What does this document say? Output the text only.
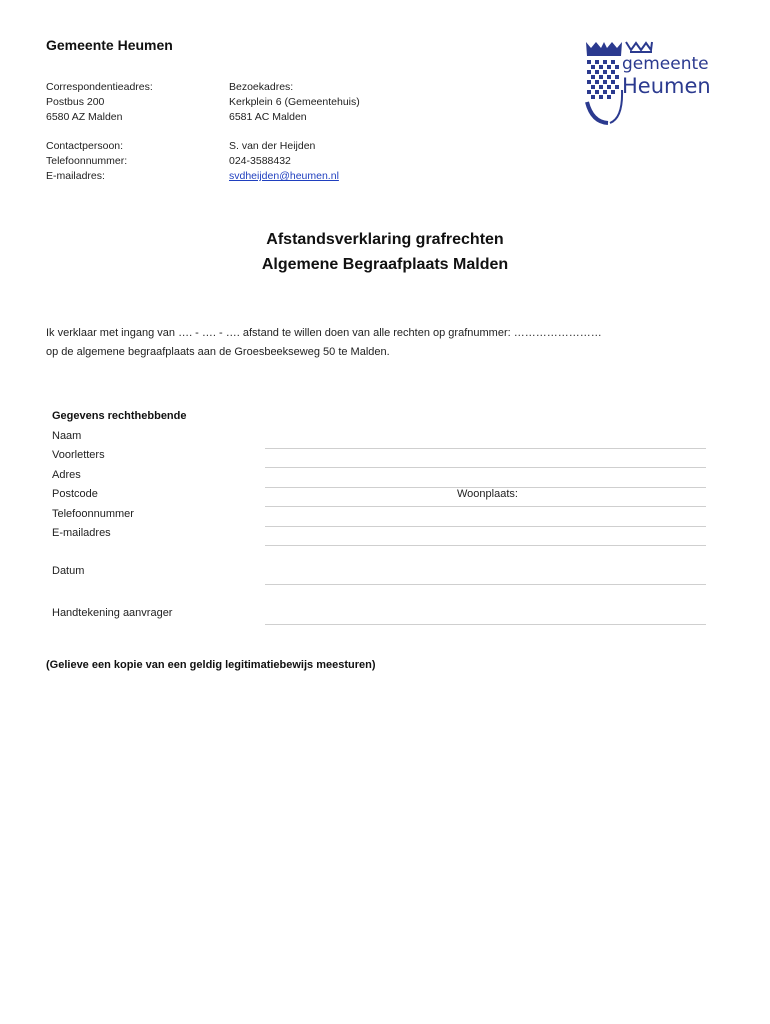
Gemeente Heumen
Correspondentieadres:
Postbus 200
6580 AZ Malden
Bezoekadres:
Kerkplein 6 (Gemeentehuis)
6581 AC Malden
Contactpersoon:
Telefoonnummer:
E-mailadres:
S. van der Heijden
024-3588432
svdheijden@heumen.nl
gemeente
Heumen
Afstandsverklaring grafrechten
Algemene Begraafplaats Malden
Ik verklaar met ingang van …. - …. - …. afstand te willen doen van alle rechten op grafnummer: ……………………
op de algemene begraafplaats aan de Groesbeekseweg 50 te Malden.
Gegevens rechthebbende
Naam
Voorletters
Adres
Postcode	Woonplaats:
Telefoonnummer
E-mailadres
Datum
Handtekening aanvrager
(Gelieve een kopie van een geldig legitimatiebewijs meesturen)
